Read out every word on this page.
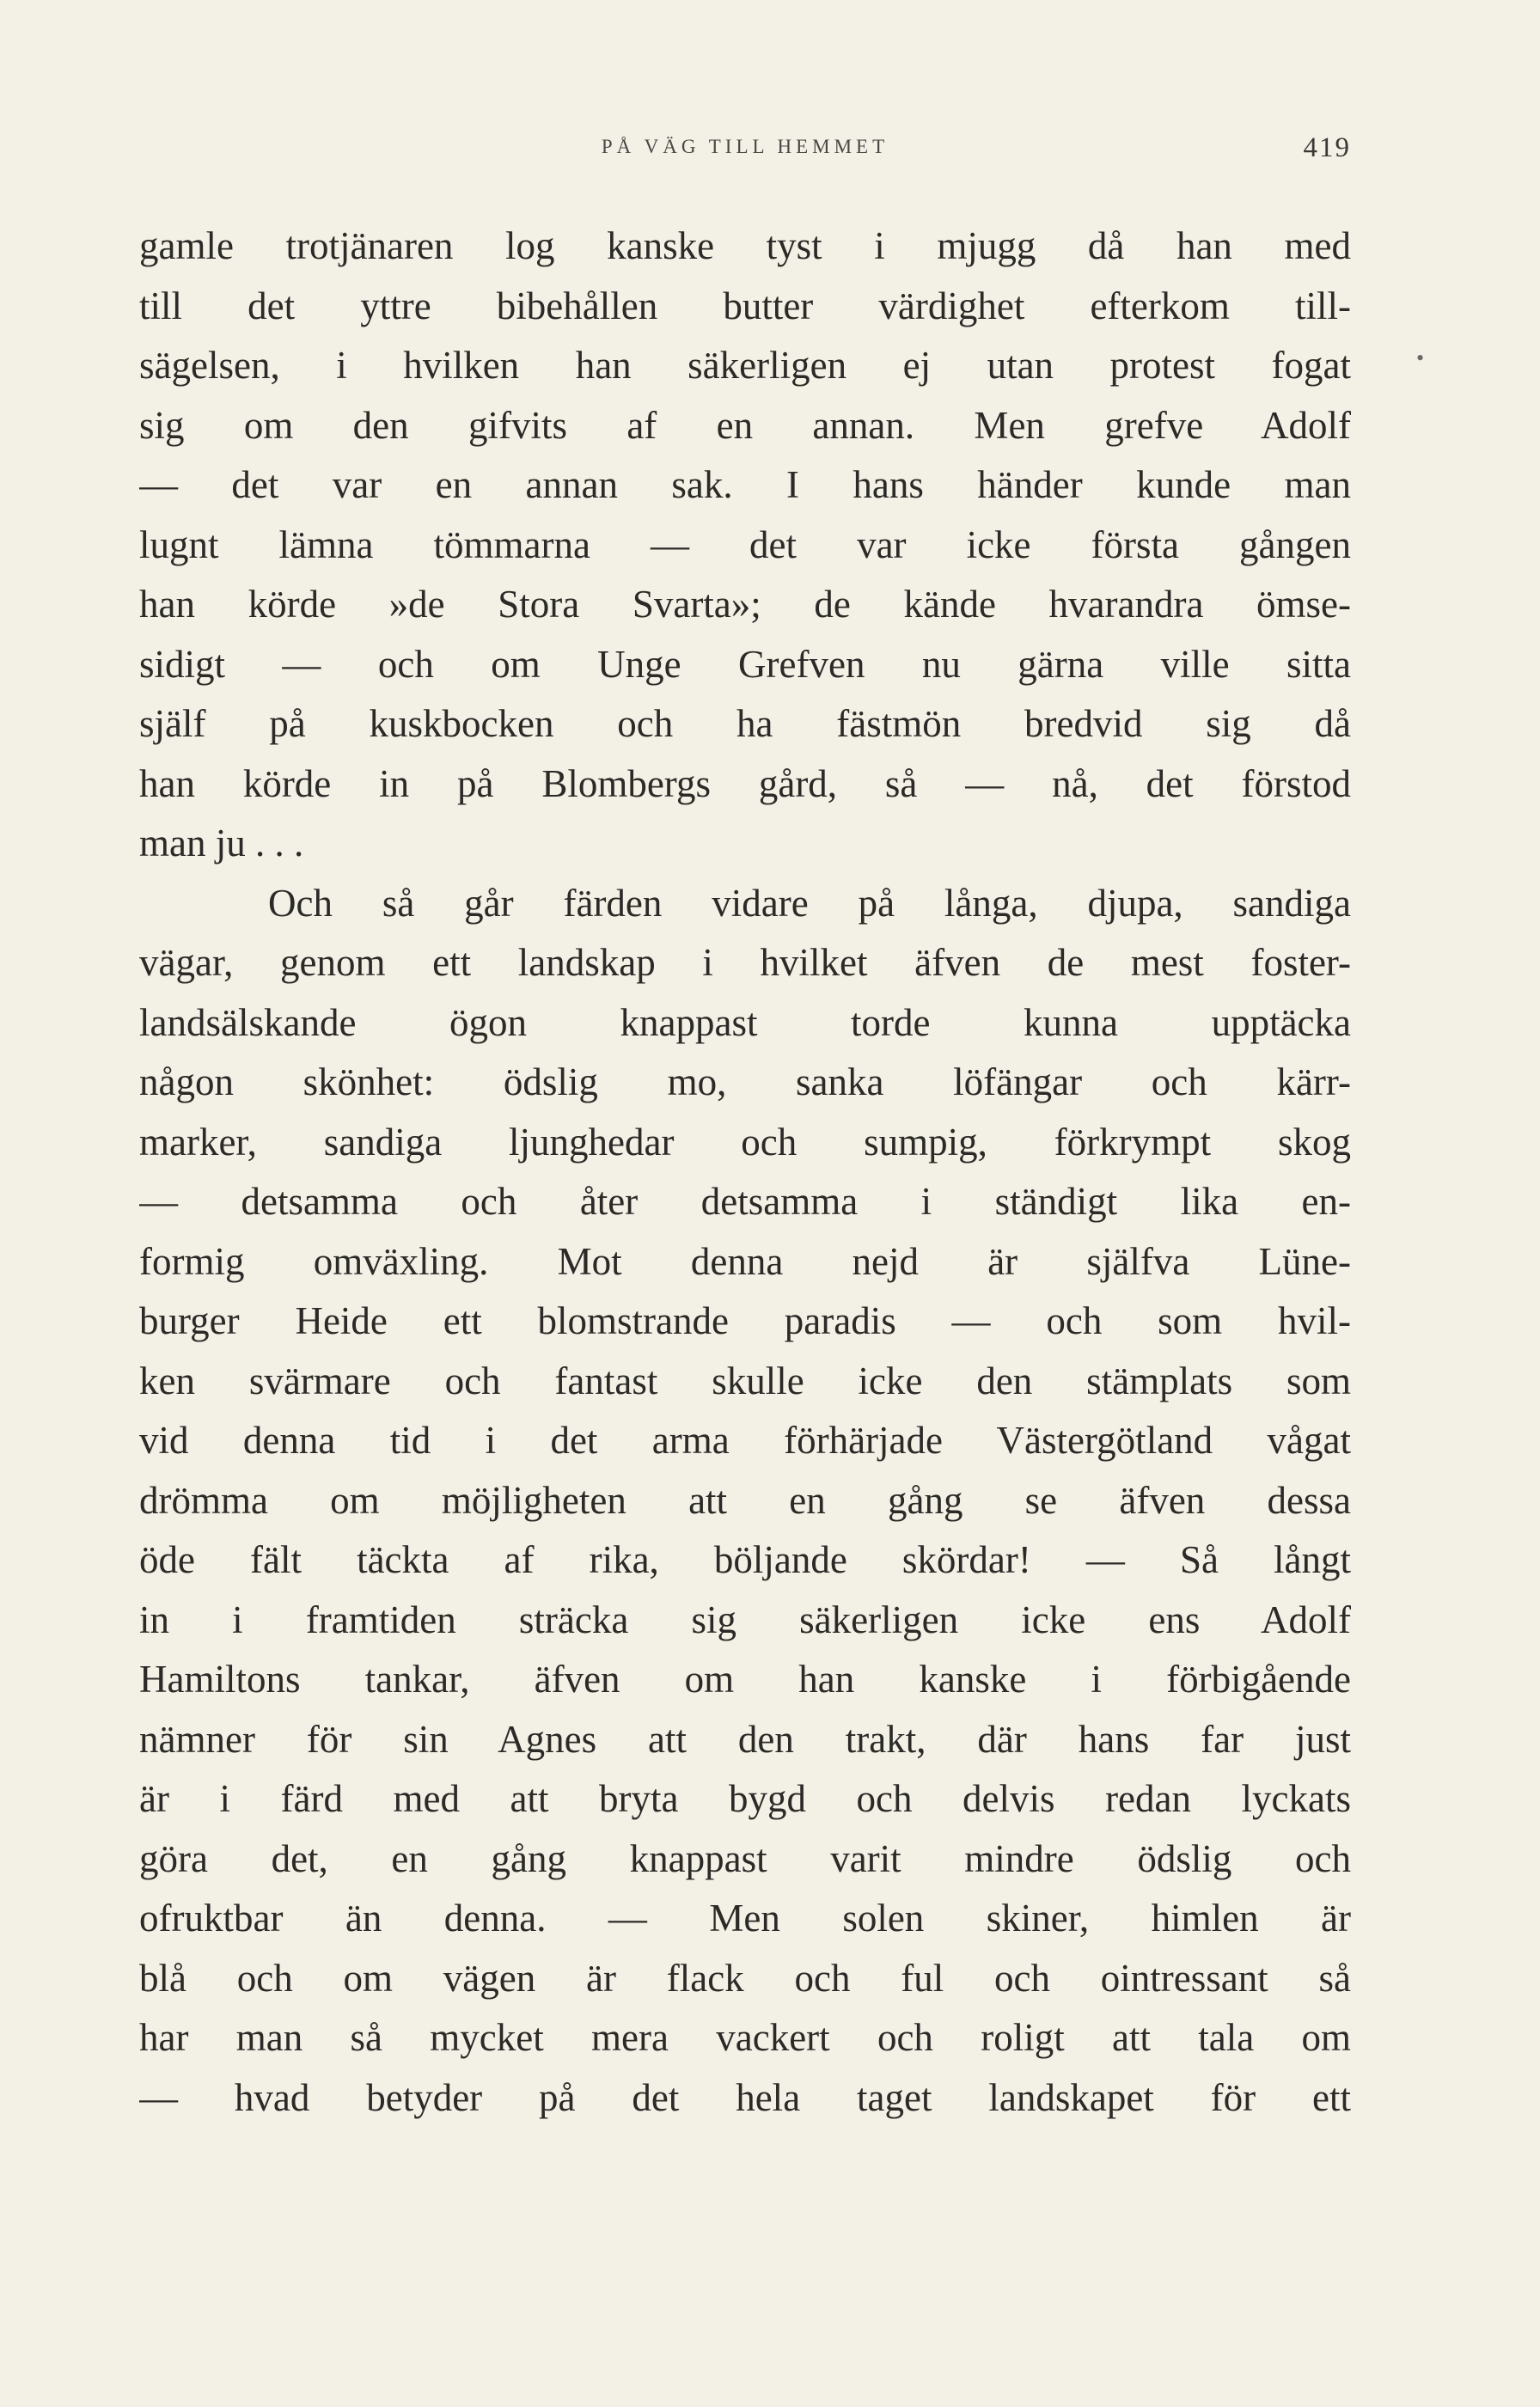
PÅ VÄG TILL HEMMET	419
•
gamle trotjänaren log kanske tyst i mjugg då han med
till det yttre bibehållen butter värdighet efterkom till-
sägelsen, i hvilken han säkerligen ej utan protest fogat
sig om den gifvits af en annan. Men grefve Adolf
— det var en annan sak. I hans händer kunde man
lugnt lämna tömmarna — det var icke första gången
han körde »de Stora Svarta»; de kände hvarandra ömse-
sidigt — och om Unge Grefven nu gärna ville sitta
själf på kuskbocken och ha fästmön bredvid sig då
han körde in på Blombergs gård, så — nå, det förstod
man ju . . .
Och så går färden vidare på långa, djupa, sandiga
vägar, genom ett landskap i hvilket äfven de mest foster-
landsälskande ögon knappast torde kunna upptäcka
någon skönhet: ödslig mo, sanka löfängar och kärr-
marker, sandiga ljunghedar och sumpig, förkrympt skog
— detsamma och åter detsamma i ständigt lika en-
formig omväxling. Mot denna nejd är själfva Lüne-
burger Heide ett blomstrande paradis — och som hvil-
ken svärmare och fantast skulle icke den stämplats som
vid denna tid i det arma förhärjade Västergötland vågat
drömma om möjligheten att en gång se äfven dessa
öde fält täckta af rika, böljande skördar! — Så långt
in i framtiden sträcka sig säkerligen icke ens Adolf
Hamiltons tankar, äfven om han kanske i förbigående
nämner för sin Agnes att den trakt, där hans far just
är i färd med att bryta bygd och delvis redan lyckats
göra det, en gång knappast varit mindre ödslig och
ofruktbar än denna. — Men solen skiner, himlen är
blå och om vägen är flack och ful och ointressant så
har man så mycket mera vackert och roligt att tala om
— hvad betyder på det hela taget landskapet för ett
